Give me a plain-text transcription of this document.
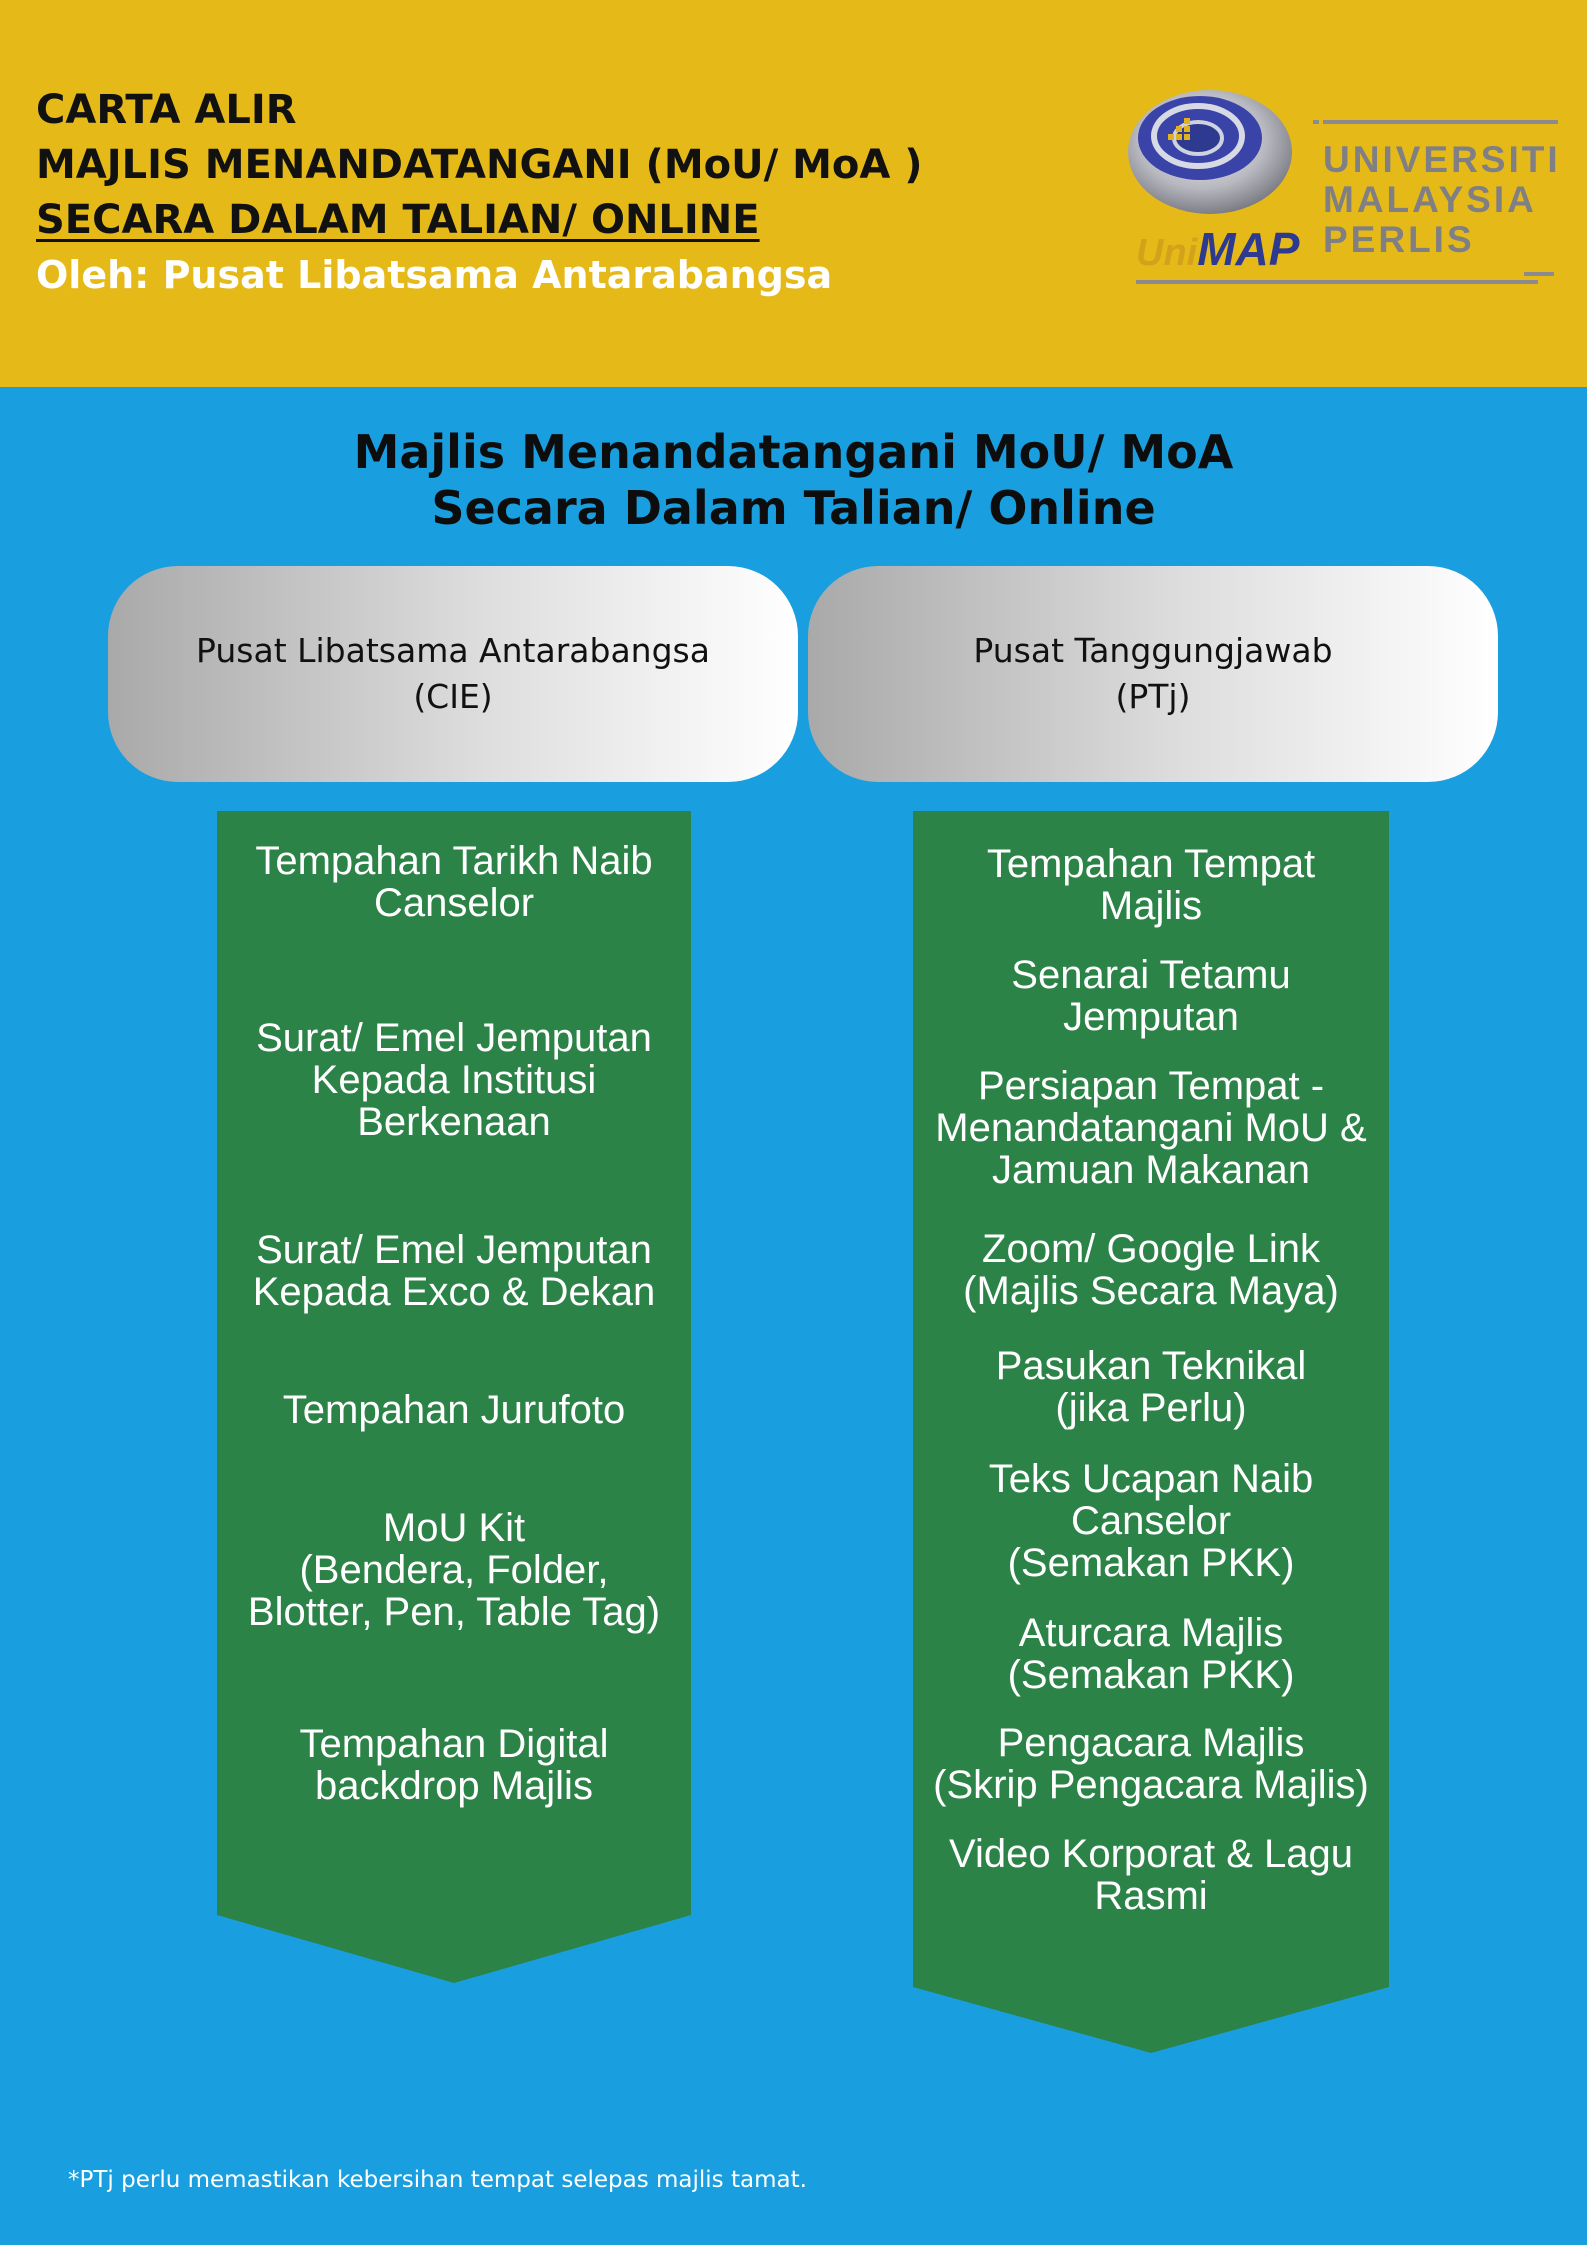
CARTA ALIR
MAJLIS MENANDATANGANI (MoU/ MoA )
SECARA DALAM TALIAN/ ONLINE
Oleh: Pusat Libatsama Antarabangsa
UNIVERSITI
MALAYSIA
PERLIS
UniMAP
Majlis Menandatangani MoU/ MoA
Secara Dalam Talian/ Online
Pusat Libatsama Antarabangsa
(CIE)
Pusat Tanggungjawab
(PTj)
Tempahan Tarikh Naib
Canselor
Surat/ Emel Jemputan
Kepada Institusi
Berkenaan
Surat/ Emel Jemputan
Kepada Exco & Dekan
Tempahan Jurufoto
MoU Kit
(Bendera, Folder,
Blotter, Pen, Table Tag)
Tempahan Digital
backdrop Majlis
Tempahan Tempat
Majlis
Senarai Tetamu
Jemputan
Persiapan Tempat -
Menandatangani MoU &
Jamuan Makanan
Zoom/ Google Link
(Majlis Secara Maya)
Pasukan Teknikal
(jika Perlu)
Teks Ucapan Naib
Canselor
(Semakan PKK)
Aturcara Majlis
(Semakan PKK)
Pengacara Majlis
(Skrip Pengacara Majlis)
Video Korporat & Lagu
Rasmi
*PTj perlu memastikan kebersihan tempat selepas majlis tamat.
